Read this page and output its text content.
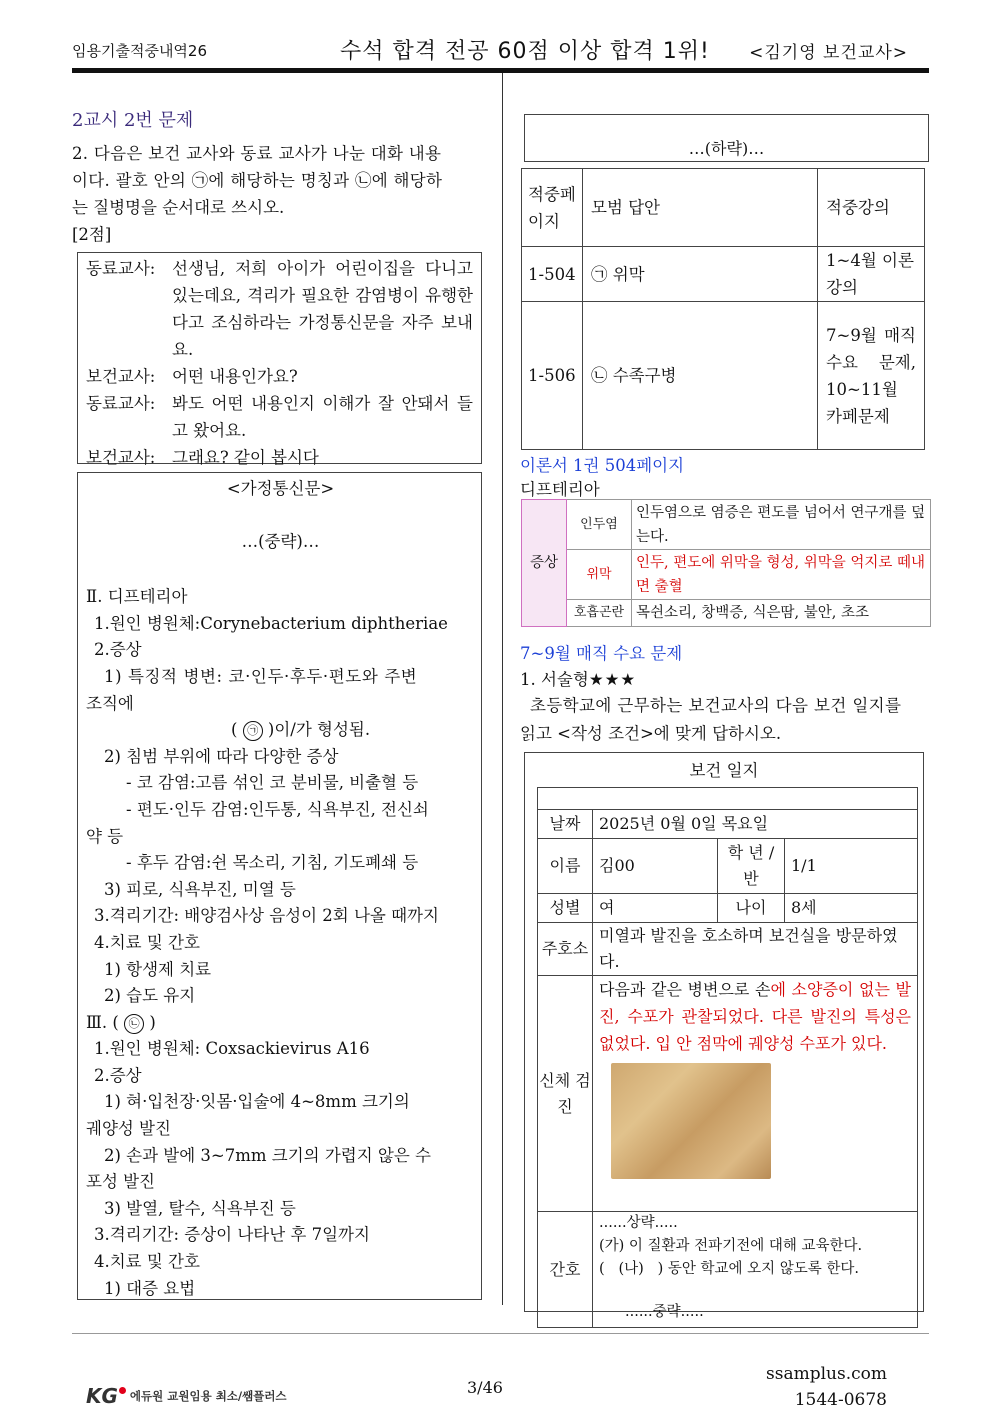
임용기출적중내역26	수석 합격 전공 60점 이상 합격 1위! <김기영 보건교사>
2교시 2번 문제
2. 다음은 보건 교사와 동료 교사가 나눈 대화 내용
이다. 괄호 안의 ㉠에 해당하는 명칭과 ㉡에 해당하
는 질병명을 순서대로 쓰시오.
[2점]
동료교사:	선생님, 저희 아이가 어린이집을 다니고 있는데요, 격리가 필요한 감염병이 유행한다고 조심하라는 가정통신문을 자주 보내요.
보건교사:	어떤 내용인가요?
동료교사:	봐도 어떤 내용인지 이해가 잘 안돼서 들고 왔어요.
보건교사:	그래요? 같이 봅시다
<가정통신문>
…(중략)…
Ⅱ. 디프테리아
1.원인 병원체:Corynebacterium diphtheriae
2.증상
1) 특징적 병변: 코·인두·후두·편도와 주변
조직에
( ㉠ )이/가 형성됨.
2) 침범 부위에 따라 다양한 증상
- 코 감염:고름 섞인 코 분비물, 비출혈 등
- 편도·인두 감염:인두통, 식욕부진, 전신쇠
약 등
- 후두 감염:쉰 목소리, 기침, 기도폐쇄 등
3) 피로, 식욕부진, 미열 등
3.격리기간: 배양검사상 음성이 2회 나올 때까지
4.치료 및 간호
1) 항생제 치료
2) 습도 유지
Ⅲ. ( ㉡ )
1.원인 병원체: Coxsackievirus A16
2.증상
1) 혀·입천장·잇몸·입술에 4~8mm 크기의
궤양성 발진
2) 손과 발에 3~7mm 크기의 가렵지 않은 수
포성 발진
3) 발열, 탈수, 식욕부진 등
3.격리기간: 증상이 나타난 후 7일까지
4.치료 및 간호
1) 대증 요법
…(하략)…
적중페이지	모범 답안	적중강의
1-504	㉠ 위막	1~4월 이론강의
1-506	㉡ 수족구병	7~9월 매직 수요 문제, 10~11월 카페문제
이론서 1권 504페이지
디프테리아
증상	인두염	인두염으로 염증은 편도를 넘어서 연구개를 덮는다.
	위막	인두, 편도에 위막을 형성, 위막을 억지로 떼내면 출혈
	호흡곤란	목쉰소리, 창백증, 식은땀, 불안, 초조
7~9월 매직 수요 문제
1. 서술형★★★
초등학교에 근무하는 보건교사의 다음 보건 일지를
읽고 <작성 조건>에 맞게 답하시오.
보건 일지

날짜	2025년 0월 0일 목요일		
이름	김00	학 년 / 반	1/1
성별	여	나이	8세
주호소	미열과 발진을 호소하며 보건실을 방문하였다.		
신체 검진	다음과 같은 병변으로 손에 소양증이 없는 발진, 수포가 관찰되었다. 다른 발진의 특성은 없었다. 입 안 점막에 궤양성 수포가 있다.		

간호	......상략.....
(가) 이 질환과 전파기전에 대해 교육한다.
(   (나)   ) 동안 학교에 오지 않도록 한다.
......중략.....		
KG 에듀원 교원임용 최소/쌤플러스	3/46
ssamplus.com
1544-0678
